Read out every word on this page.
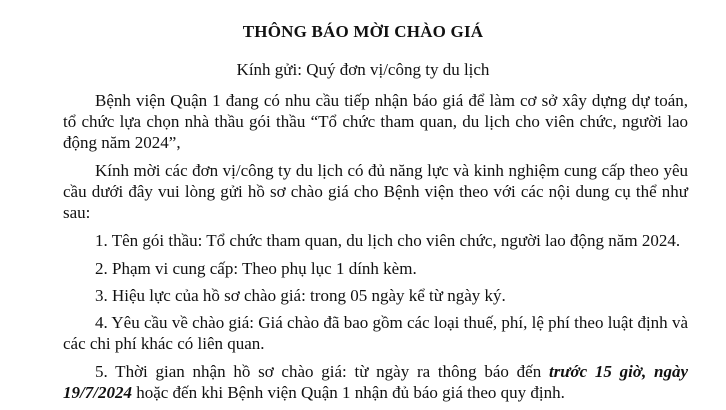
THÔNG BÁO MỜI CHÀO GIÁ
Kính gửi: Quý đơn vị/công ty du lịch

Bệnh viện Quận 1 đang có nhu cầu tiếp nhận báo giá để làm cơ sở xây dựng dự toán, tổ chức lựa chọn nhà thầu gói thầu “Tổ chức tham quan, du lịch cho viên chức, người lao động năm 2024”,

Kính mời các đơn vị/công ty du lịch có đủ năng lực và kinh nghiệm cung cấp theo yêu cầu dưới đây vui lòng gửi hồ sơ chào giá cho Bệnh viện theo với các nội dung cụ thể như sau:

1. Tên gói thầu: Tổ chức tham quan, du lịch cho viên chức, người lao động năm 2024.

2. Phạm vi cung cấp: Theo phụ lục 1 dính kèm.

3. Hiệu lực của hồ sơ chào giá: trong 05 ngày kể từ ngày ký.

4. Yêu cầu về chào giá: Giá chào đã bao gồm các loại thuế, phí, lệ phí theo luật định và các chi phí khác có liên quan.

5. Thời gian nhận hồ sơ chào giá: từ ngày ra thông báo đến trước 15 giờ, ngày 19/7/2024 hoặc đến khi Bệnh viện Quận 1 nhận đủ báo giá theo quy định.
